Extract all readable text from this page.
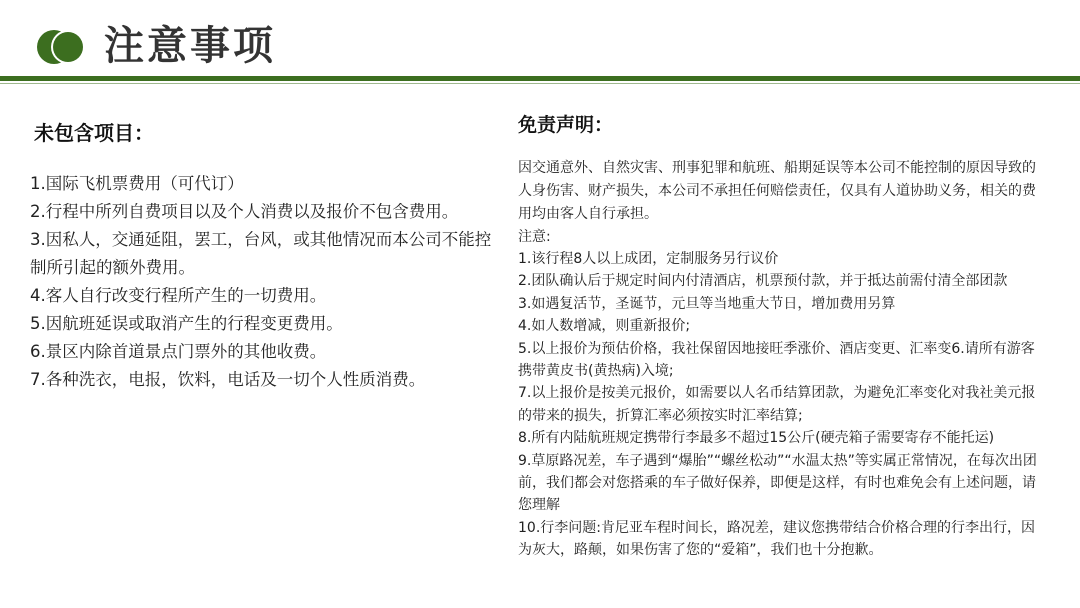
注意事项
未包含项目：
1.国际飞机票费用（可代订）
2.行程中所列自费项目以及个人消费以及报价不包含费用。
3.因私人，交通延阻，罢工，台风，或其他情况而本公司不能控制所引起的额外费用。
4.客人自行改变行程所产生的一切费用。
5.因航班延误或取消产生的行程变更费用。
6.景区内除首道景点门票外的其他收费。
7.各种洗衣，电报，饮料，电话及一切个人性质消费。
免责声明：

因交通意外、自然灾害、刑事犯罪和航班、船期延误等本公司不能控制的原因导致的人身伤害、财产损失，本公司不承担任何赔偿责任，仅具有人道协助义务，相关的费用均由客人自行承担。

注意:
1.该行程8人以上成团，定制服务另行议价
2.团队确认后于规定时间内付清酒店，机票预付款，并于抵达前需付清全部团款
3.如遇复活节，圣诞节，元旦等当地重大节日，增加费用另算
4.如人数增减，则重新报价;
5.以上报价为预估价格，我社保留因地接旺季涨价、酒店变更、汇率变6.请所有游客携带黄皮书(黄热病)入境;
7.以上报价是按美元报价，如需要以人名币结算团款，为避免汇率变化对我社美元报的带来的损失，折算汇率必须按实时汇率结算;
8.所有内陆航班规定携带行李最多不超过15公斤(硬壳箱子需要寄存不能托运)
9.草原路况差，车子遇到“爆胎”“螺丝松动”“水温太热”等实属正常情况，在每次出团前，我们都会对您搭乘的车子做好保养，即便是这样，有时也难免会有上述问题，请您理解
10.行李问题:肯尼亚车程时间长，路况差，建议您携带结合价格合理的行李出行，因为灰大，路颠，如果伤害了您的“爱箱”，我们也十分抱歉。
